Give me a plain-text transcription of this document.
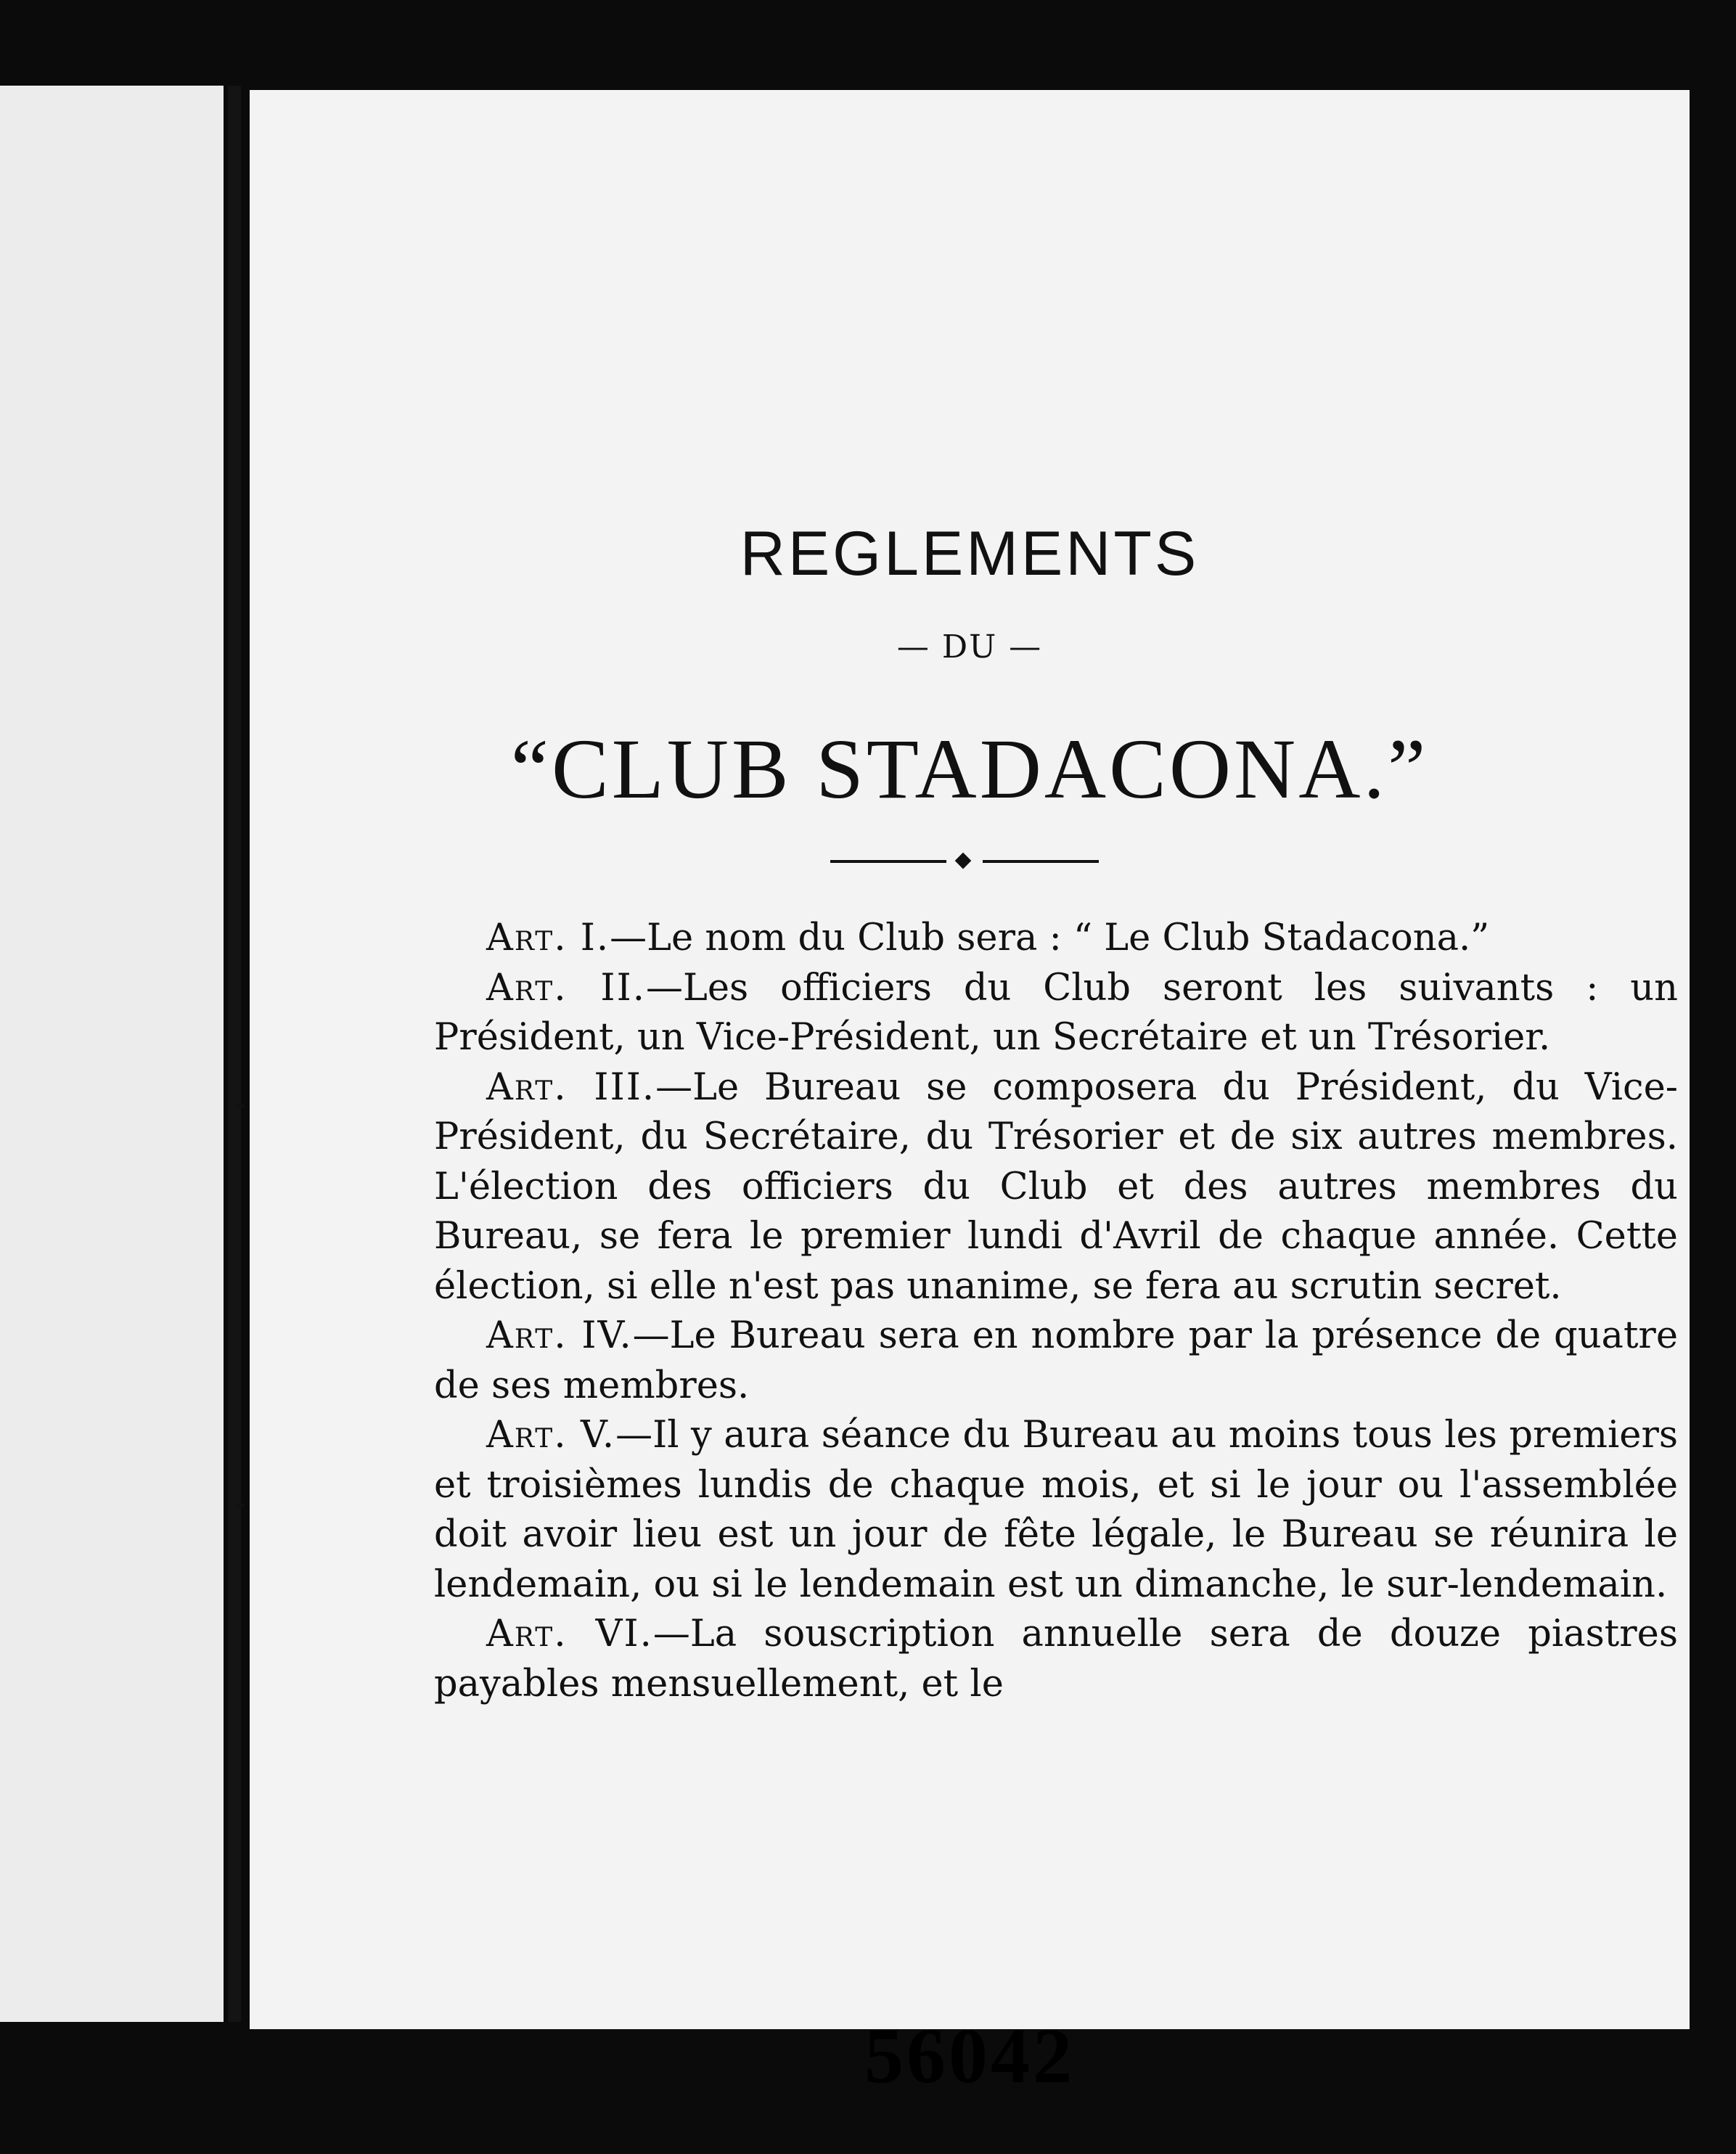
REGLEMENTS
— DU —
“CLUB STADACONA.”

Art. I.—Le nom du Club sera : “ Le Club Stadacona.”

Art. II.—Les officiers du Club seront les suivants : un Président, un Vice-Président, un Secrétaire et un Trésorier.

Art. III.—Le Bureau se composera du Président, du Vice-Président, du Secrétaire, du Trésorier et de six autres membres. L'élection des officiers du Club et des autres membres du Bureau, se fera le premier lundi d'Avril de chaque année. Cette élection, si elle n'est pas unanime, se fera au scrutin secret.

Art. IV.—Le Bureau sera en nombre par la présence de quatre de ses membres.

Art. V.—Il y aura séance du Bureau au moins tous les premiers et troisièmes lundis de chaque mois, et si le jour ou l'assemblée doit avoir lieu est un jour de fête légale, le Bureau se réunira le lendemain, ou si le lendemain est un dimanche, le sur-lendemain.

Art. VI.—La souscription annuelle sera de douze piastres payables mensuellement, et le

56042
